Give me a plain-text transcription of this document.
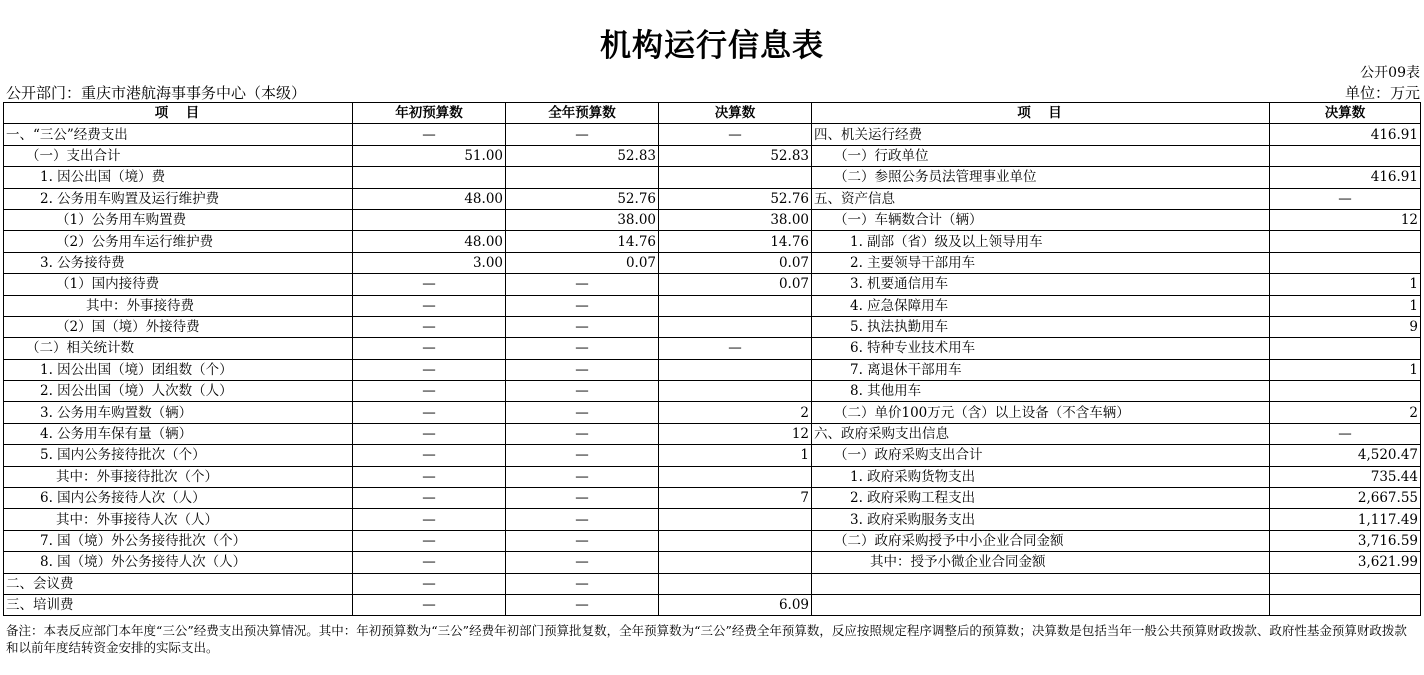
机构运行信息表
公开09表
公开部门：重庆市港航海事事务中心（本级）	单位：万元
项　目	年初预算数	全年预算数	决算数	项　目	决算数
一、“三公”经费支出	—	—	—	四、机关运行经费	416.91
（一）支出合计	51.00	52.83	52.83	（一）行政单位	
1. 因公出国（境）费				（二）参照公务员法管理事业单位	416.91
2. 公务用车购置及运行维护费	48.00	52.76	52.76	五、资产信息	—
（1）公务用车购置费		38.00	38.00	（一）车辆数合计（辆）	12
（2）公务用车运行维护费	48.00	14.76	14.76	1. 副部（省）级及以上领导用车	
3. 公务接待费	3.00	0.07	0.07	2. 主要领导干部用车	
（1）国内接待费	—	—	0.07	3. 机要通信用车	1
其中：外事接待费	—	—		4. 应急保障用车	1
（2）国（境）外接待费	—	—		5. 执法执勤用车	9
（二）相关统计数	—	—	—	6. 特种专业技术用车	
1. 因公出国（境）团组数（个）	—	—		7. 离退休干部用车	1
2. 因公出国（境）人次数（人）	—	—		8. 其他用车	
3. 公务用车购置数（辆）	—	—	2	（二）单价100万元（含）以上设备（不含车辆）	2
4. 公务用车保有量（辆）	—	—	12	六、政府采购支出信息	—
5. 国内公务接待批次（个）	—	—	1	（一）政府采购支出合计	4,520.47
其中：外事接待批次（个）	—	—		1. 政府采购货物支出	735.44
6. 国内公务接待人次（人）	—	—	7	2. 政府采购工程支出	2,667.55
其中：外事接待人次（人）	—	—		3. 政府采购服务支出	1,117.49
7. 国（境）外公务接待批次（个）	—	—		（二）政府采购授予中小企业合同金额	3,716.59
8. 国（境）外公务接待人次（人）	—	—		其中：授予小微企业合同金额	3,621.99
二、会议费	—	—			
三、培训费	—	—	6.09		
备注：本表反应部门本年度“三公”经费支出预决算情况。其中：年初预算数为“三公”经费年初部门预算批复数，全年预算数为“三公”经费全年预算数，反应按照规定程序调整后的预算数；决算数是包括当年一般公共预算财政拨款、政府性基金预算财政拨款和以前年度结转资金安排的实际支出。
